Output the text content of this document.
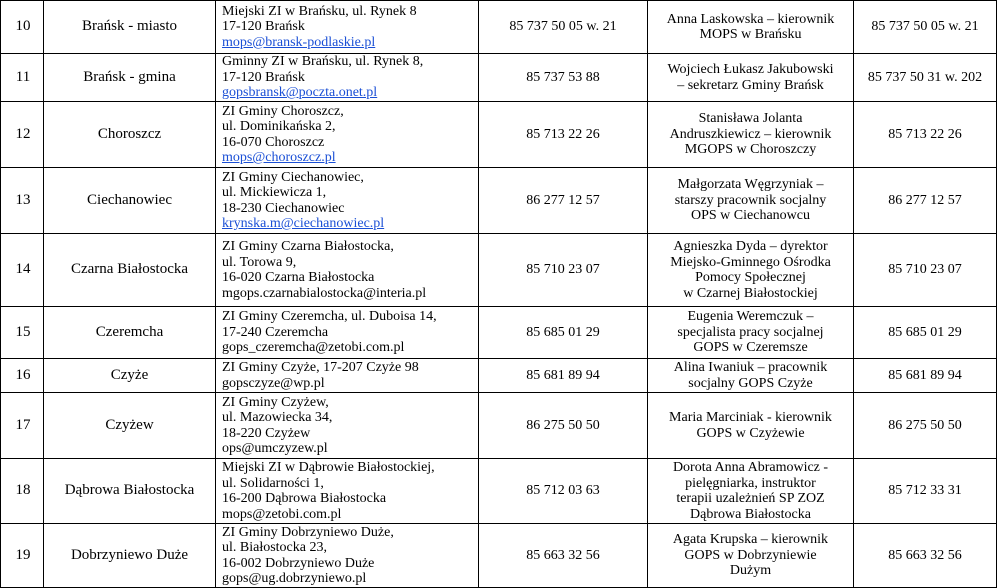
10	Brańsk - miasto	Miejski ZI w Brańsku, ul. Rynek 8
17-120 Brańsk
mops@bransk-podlaskie.pl	85 737 50 05 w. 21	Anna Laskowska – kierownik
MOPS w Brańsku	85 737 50 05 w. 21
11	Brańsk - gmina	Gminny ZI w Brańsku, ul. Rynek 8,
17-120 Brańsk
gopsbransk@poczta.onet.pl	85 737 53 88	Wojciech Łukasz Jakubowski
– sekretarz Gminy Brańsk	85 737 50 31 w. 202
12	Choroszcz	ZI Gminy Choroszcz,
ul. Dominikańska 2,
16-070 Choroszcz
mops@choroszcz.pl	85 713 22 26	Stanisława Jolanta
Andruszkiewicz – kierownik
MGOPS w Choroszczy	85 713 22 26
13	Ciechanowiec	ZI Gminy Ciechanowiec,
ul. Mickiewicza 1,
18-230 Ciechanowiec
krynska.m@ciechanowiec.pl	86 277 12 57	Małgorzata Węgrzyniak –
starszy pracownik socjalny
OPS w Ciechanowcu	86 277 12 57
14	Czarna Białostocka	ZI Gminy Czarna Białostocka,
ul. Torowa 9,
16-020 Czarna Białostocka
mgops.czarnabialostocka@interia.pl	85 710 23 07	Agnieszka Dyda – dyrektor
Miejsko-Gminnego Ośrodka
Pomocy Społecznej
w Czarnej Białostockiej	85 710 23 07
15	Czeremcha	ZI Gminy Czeremcha, ul. Duboisa 14,
17-240 Czeremcha
gops_czeremcha@zetobi.com.pl	85 685 01 29	Eugenia Weremczuk –
specjalista pracy socjalnej
GOPS w Czeremsze	85 685 01 29
16	Czyże	ZI Gminy Czyże, 17-207 Czyże 98
gopsczyze@wp.pl	85 681 89 94	Alina Iwaniuk – pracownik
socjalny GOPS Czyże	85 681 89 94
17	Czyżew	ZI Gminy Czyżew,
ul. Mazowiecka 34,
18-220 Czyżew
ops@umczyzew.pl	86 275 50 50	Maria Marciniak - kierownik
GOPS w Czyżewie	86 275 50 50
18	Dąbrowa Białostocka	Miejski ZI w Dąbrowie Białostockiej,
ul. Solidarności 1,
16-200 Dąbrowa Białostocka
mops@zetobi.com.pl	85 712 03 63	Dorota Anna Abramowicz -
pielęgniarka, instruktor
terapii uzależnień SP ZOZ
Dąbrowa Białostocka	85 712 33 31
19	Dobrzyniewo Duże	ZI Gminy Dobrzyniewo Duże,
ul. Białostocka 23,
16-002 Dobrzyniewo Duże
gops@ug.dobrzyniewo.pl	85 663 32 56	Agata Krupska – kierownik
GOPS w Dobrzyniewie
Dużym	85 663 32 56
